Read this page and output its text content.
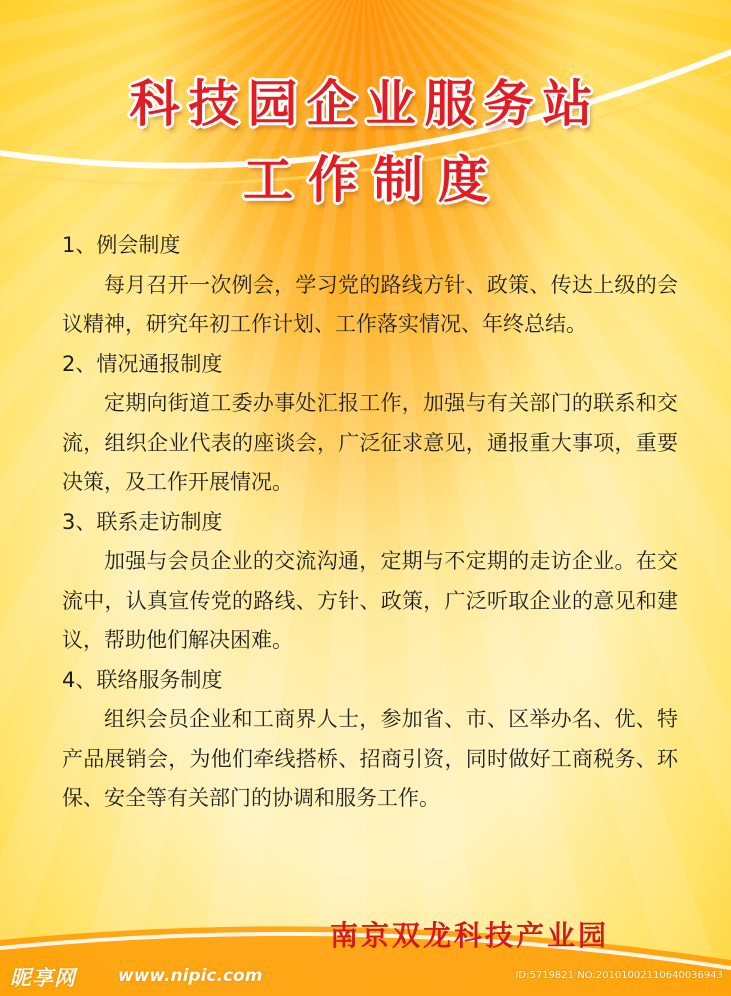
科技园企业服务站
工作制度

1、例会制度

每月召开一次例会，学习党的路线方针、政策、传达上级的会议精神，研究年初工作计划、工作落实情况、年终总结。

2、情况通报制度

定期向街道工委办事处汇报工作，加强与有关部门的联系和交流，组织企业代表的座谈会，广泛征求意见，通报重大事项，重要决策，及工作开展情况。

3、联系走访制度

加强与会员企业的交流沟通，定期与不定期的走访企业。在交流中，认真宣传党的路线、方针、政策，广泛听取企业的意见和建议，帮助他们解决困难。

4、联络服务制度

组织会员企业和工商界人士，参加省、市、区举办名、优、特产品展销会，为他们牵线搭桥、招商引资，同时做好工商税务、环保、安全等有关部门的协调和服务工作。

南京双龙科技产业园
昵享网 www.nipic.com	ID:5719821 NO:20101002110640036943
